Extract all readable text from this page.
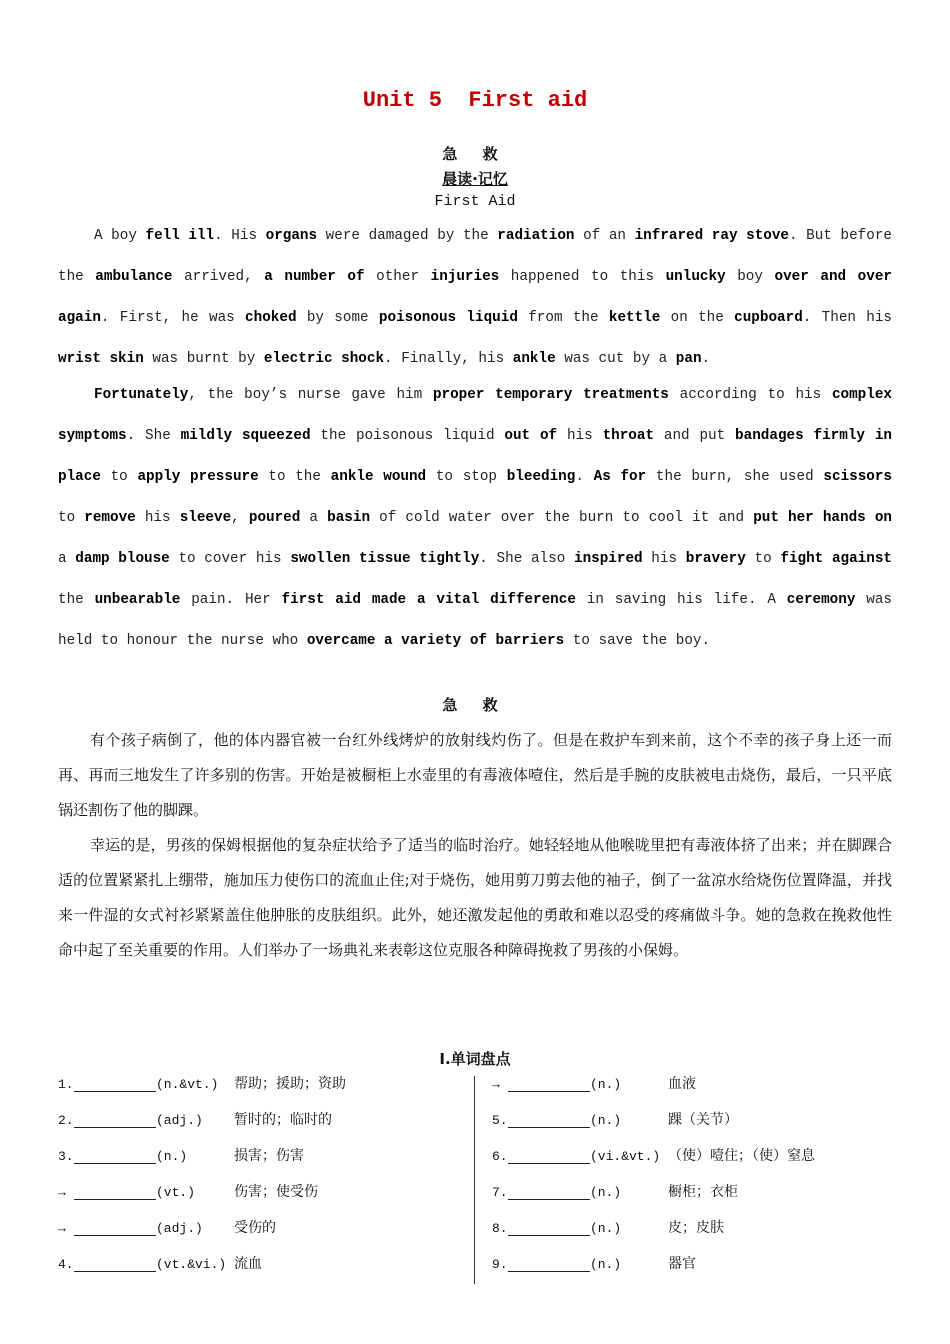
Unit 5  First aid
急 救
晨读·记忆
First Aid

A boy fell ill. His organs were damaged by the radiation of an infrared ray stove. But before the ambulance arrived, a number of other injuries happened to this unlucky boy over and over again. First, he was choked by some poisonous liquid from the kettle on the cupboard. Then his wrist skin was burnt by electric shock. Finally, his ankle was cut by a pan.

Fortunately, the boy’s nurse gave him proper temporary treatments according to his complex symptoms. She mildly squeezed the poisonous liquid out of his throat and put bandages firmly in place to apply pressure to the ankle wound to stop bleeding. As for the burn, she used scissors to remove his sleeve, poured a basin of cold water over the burn to cool it and put her hands on a damp blouse to cover his swollen tissue tightly. She also inspired his bravery to fight against the unbearable pain. Her first aid made a vital difference in saving his life. A ceremony was held to honour the nurse who overcame a variety of barriers to save the boy.

急 救

有个孩子病倒了，他的体内器官被一台红外线烤炉的放射线灼伤了。但是在救护车到来前，这个不幸的孩子身上还一而再、再而三地发生了许多别的伤害。开始是被橱柜上水壶里的有毒液体噎住，然后是手腕的皮肤被电击烧伤，最后，一只平底锅还割伤了他的脚踝。

幸运的是，男孩的保姆根据他的复杂症状给予了适当的临时治疗。她轻轻地从他喉咙里把有毒液体挤了出来；并在脚踝合适的位置紧紧扎上绷带，施加压力使伤口的流血止住;对于烧伤，她用剪刀剪去他的袖子，倒了一盆凉水给烧伤位置降温，并找来一件湿的女式衬衫紧紧盖住他肿胀的皮肤组织。此外，她还激发起他的勇敢和难以忍受的疼痛做斗争。她的急救在挽救他性命中起了至关重要的作用。人们举办了一场典礼来表彰这位克服各种障碍挽救了男孩的小保姆。

Ⅰ.单词盘点
1.	(n.&vt.) 帮助；援助；资助
2.	(adj.) 暂时的；临时的
3.	(n.)	损害；伤害
→	(vt.)	伤害；使受伤
→	(adj.) 受伤的
4.	(vt.&vi.) 流血
→	(n.)	血液
5.	(n.)	踝（关节）
6.	(vi.&vt.) （使）噎住；（使）窒息
7.	(n.)	橱柜；衣柜
8.	(n.)	皮；皮肤
9.	(n.)	器官
